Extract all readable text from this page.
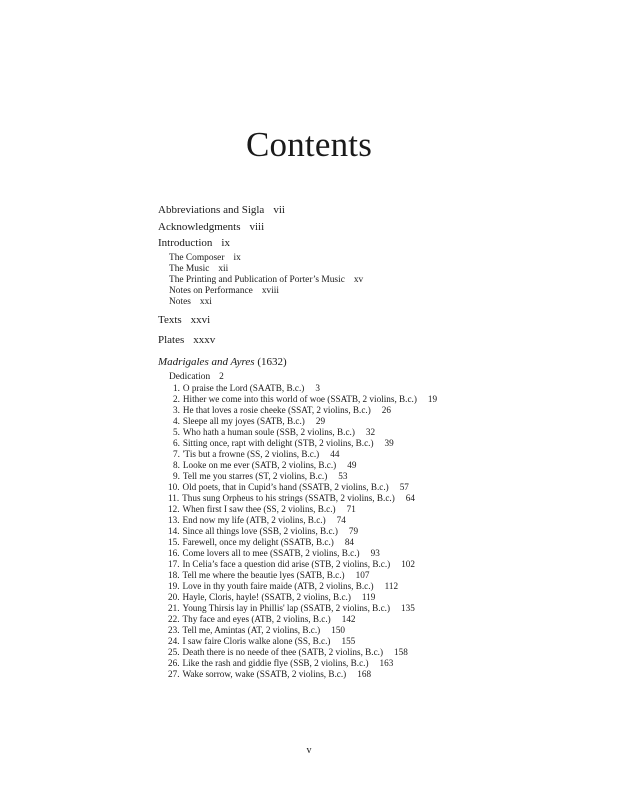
Contents
Abbreviations and Sigla vii
Acknowledgments viii
Introduction ix
The Composer ix
The Music xii
The Printing and Publication of Porter’s Music xv
Notes on Performance xviii
Notes xxi
Texts xxvi
Plates xxxv
Madrigales and Ayres (1632)
Dedication 2
1. O praise the Lord (SAATB, B.c.) 3
2. Hither we come into this world of woe (SSATB, 2 violins, B.c.) 19
3. He that loves a rosie cheeke (SSAT, 2 violins, B.c.) 26
4. Sleepe all my joyes (SATB, B.c.) 29
5. Who hath a human soule (SSB, 2 violins, B.c.) 32
6. Sitting once, rapt with delight (STB, 2 violins, B.c.) 39
7. 'Tis but a frowne (SS, 2 violins, B.c.) 44
8. Looke on me ever (SATB, 2 violins, B.c.) 49
9. Tell me you starres (ST, 2 violins, B.c.) 53
10. Old poets, that in Cupid’s hand (SSATB, 2 violins, B.c.) 57
11. Thus sung Orpheus to his strings (SSATB, 2 violins, B.c.) 64
12. When first I saw thee (SS, 2 violins, B.c.) 71
13. End now my life (ATB, 2 violins, B.c.) 74
14. Since all things love (SSB, 2 violins, B.c.) 79
15. Farewell, once my delight (SSATB, B.c.) 84
16. Come lovers all to mee (SSATB, 2 violins, B.c.) 93
17. In Celia’s face a question did arise (STB, 2 violins, B.c.) 102
18. Tell me where the beautie lyes (SATB, B.c.) 107
19. Love in thy youth faire maide (ATB, 2 violins, B.c.) 112
20. Hayle, Cloris, hayle! (SSATB, 2 violins, B.c.) 119
21. Young Thirsis lay in Phillis' lap (SSATB, 2 violins, B.c.) 135
22. Thy face and eyes (ATB, 2 violins, B.c.) 142
23. Tell me, Amintas (AT, 2 violins, B.c.) 150
24. I saw faire Cloris walke alone (SS, B.c.) 155
25. Death there is no neede of thee (SATB, 2 violins, B.c.) 158
26. Like the rash and giddie flye (SSB, 2 violins, B.c.) 163
27. Wake sorrow, wake (SSATB, 2 violins, B.c.) 168
v
